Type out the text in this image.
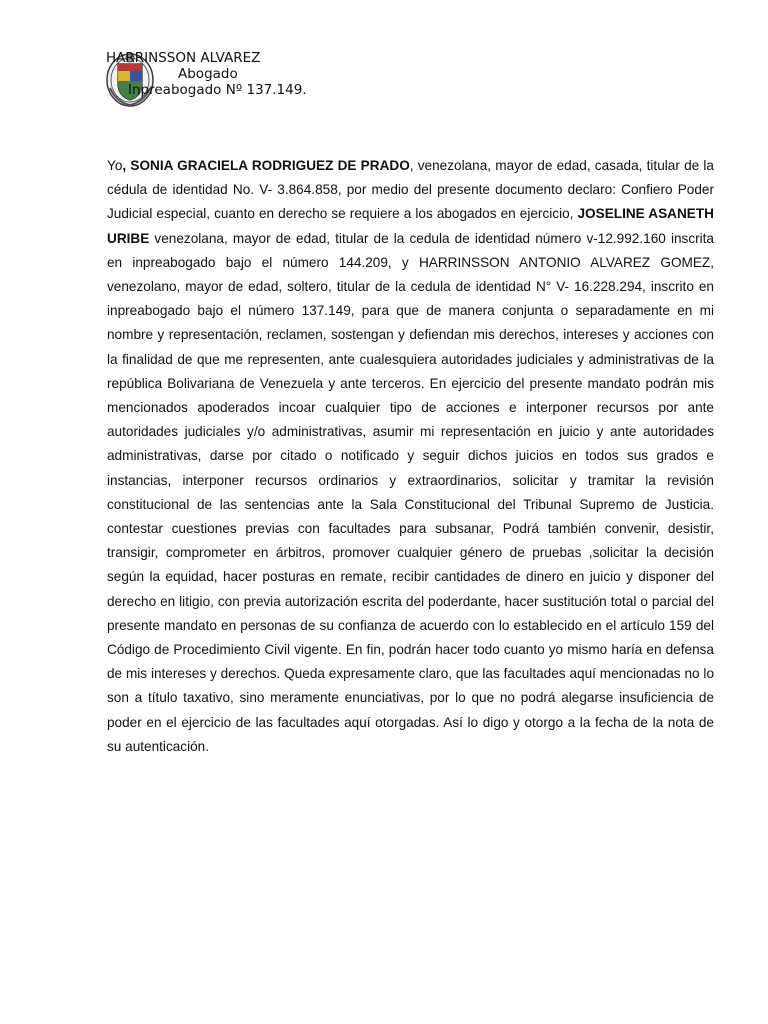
HARRINSSON ALVAREZ
Abogado
Inpreabogado Nº 137.149.

Yo, SONIA GRACIELA RODRIGUEZ DE PRADO, venezolana, mayor de edad, casada, titular de la cédula de identidad No. V- 3.864.858, por medio del presente documento declaro: Confiero Poder Judicial especial, cuanto en derecho se requiere a los abogados en ejercicio, JOSELINE ASANETH URIBE venezolana, mayor de edad, titular de la cedula de identidad número v-12.992.160 inscrita en inpreabogado bajo el número 144.209, y HARRINSSON ANTONIO ALVAREZ GOMEZ, venezolano, mayor de edad, soltero, titular de la cedula de identidad N° V- 16.228.294, inscrito en inpreabogado bajo el número 137.149, para que de manera conjunta o separadamente en mi nombre y representación, reclamen, sostengan y defiendan mis derechos, intereses y acciones con la finalidad de que me representen, ante cualesquiera autoridades judiciales y administrativas de la república Bolivariana de Venezuela y ante terceros. En ejercicio del presente mandato podrán mis mencionados apoderados incoar cualquier tipo de acciones e interponer recursos por ante autoridades judiciales y/o administrativas, asumir mi representación en juicio y ante autoridades administrativas, darse por citado o notificado y seguir dichos juicios en todos sus grados e instancias, interponer recursos ordinarios y extraordinarios, solicitar y tramitar la revisión constitucional de las sentencias ante la Sala Constitucional del Tribunal Supremo de Justicia. contestar cuestiones previas con facultades para subsanar, Podrá también convenir, desistir, transigir, comprometer en árbitros, promover cualquier género de pruebas ,solicitar la decisión según la equidad, hacer posturas en remate, recibir cantidades de dinero en juicio y disponer del derecho en litigio, con previa autorización escrita del poderdante, hacer sustitución total o parcial del presente mandato en personas de su confianza de acuerdo con lo establecido en el artículo 159 del Código de Procedimiento Civil vigente. En fin, podrán hacer todo cuanto yo mismo haría en defensa de mis intereses y derechos. Queda expresamente claro, que las facultades aquí mencionadas no lo son a título taxativo, sino meramente enunciativas, por lo que no podrá alegarse insuficiencia de poder en el ejercicio de las facultades aquí otorgadas. Así lo digo y otorgo a la fecha de la nota de su autenticación.
